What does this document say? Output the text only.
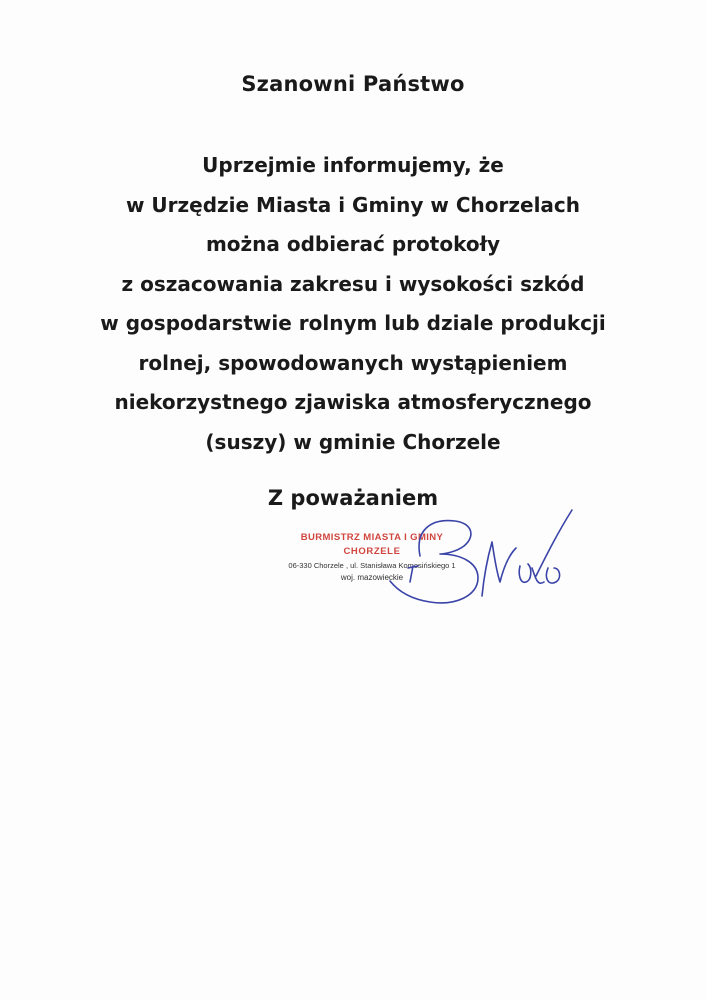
Szanowni Państwo
Uprzejmie informujemy, że
w Urzędzie Miasta i Gminy w Chorzelach
można odbierać protokoły
z oszacowania zakresu i wysokości szkód
w gospodarstwie rolnym lub dziale produkcji
rolnej, spowodowanych wystąpieniem
niekorzystnego zjawiska atmosferycznego
(suszy) w gminie Chorzele
Z poważaniem
BURMISTRZ MIASTA I GMINY
CHORZELE
06-330 Chorzele , ul. Stanisława Komosińskiego 1
woj. mazowieckie
